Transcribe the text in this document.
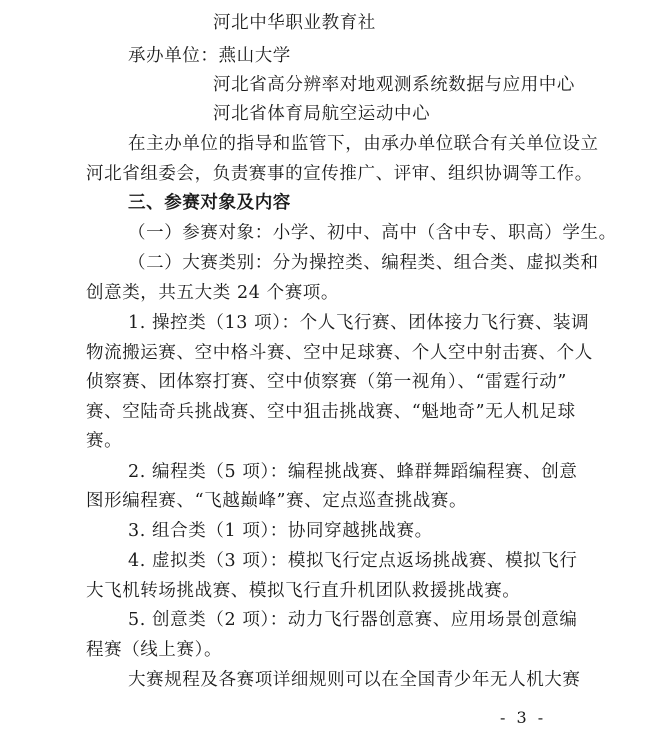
河北中华职业教育社
承办单位：燕山大学
河北省高分辨率对地观测系统数据与应用中心
河北省体育局航空运动中心
在主办单位的指导和监管下，由承办单位联合有关单位设立
河北省组委会，负责赛事的宣传推广、评审、组织协调等工作。
三、参赛对象及内容
（一）参赛对象：小学、初中、高中（含中专、职高）学生。
（二）大赛类别：分为操控类、编程类、组合类、虚拟类和
创意类，共五大类 24 个赛项。
1. 操控类（13 项）：个人飞行赛、团体接力飞行赛、装调
物流搬运赛、空中格斗赛、空中足球赛、个人空中射击赛、个人
侦察赛、团体察打赛、空中侦察赛（第一视角）、“雷霆行动”
赛、空陆奇兵挑战赛、空中狙击挑战赛、“魁地奇”无人机足球
赛。
2. 编程类（5 项）：编程挑战赛、蜂群舞蹈编程赛、创意
图形编程赛、“飞越巅峰”赛、定点巡查挑战赛。
3. 组合类（1 项）：协同穿越挑战赛。
4. 虚拟类（3 项）：模拟飞行定点返场挑战赛、模拟飞行
大飞机转场挑战赛、模拟飞行直升机团队救援挑战赛。
5. 创意类（2 项）：动力飞行器创意赛、应用场景创意编
程赛（线上赛）。
大赛规程及各赛项详细规则可以在全国青少年无人机大赛
- 3 -
